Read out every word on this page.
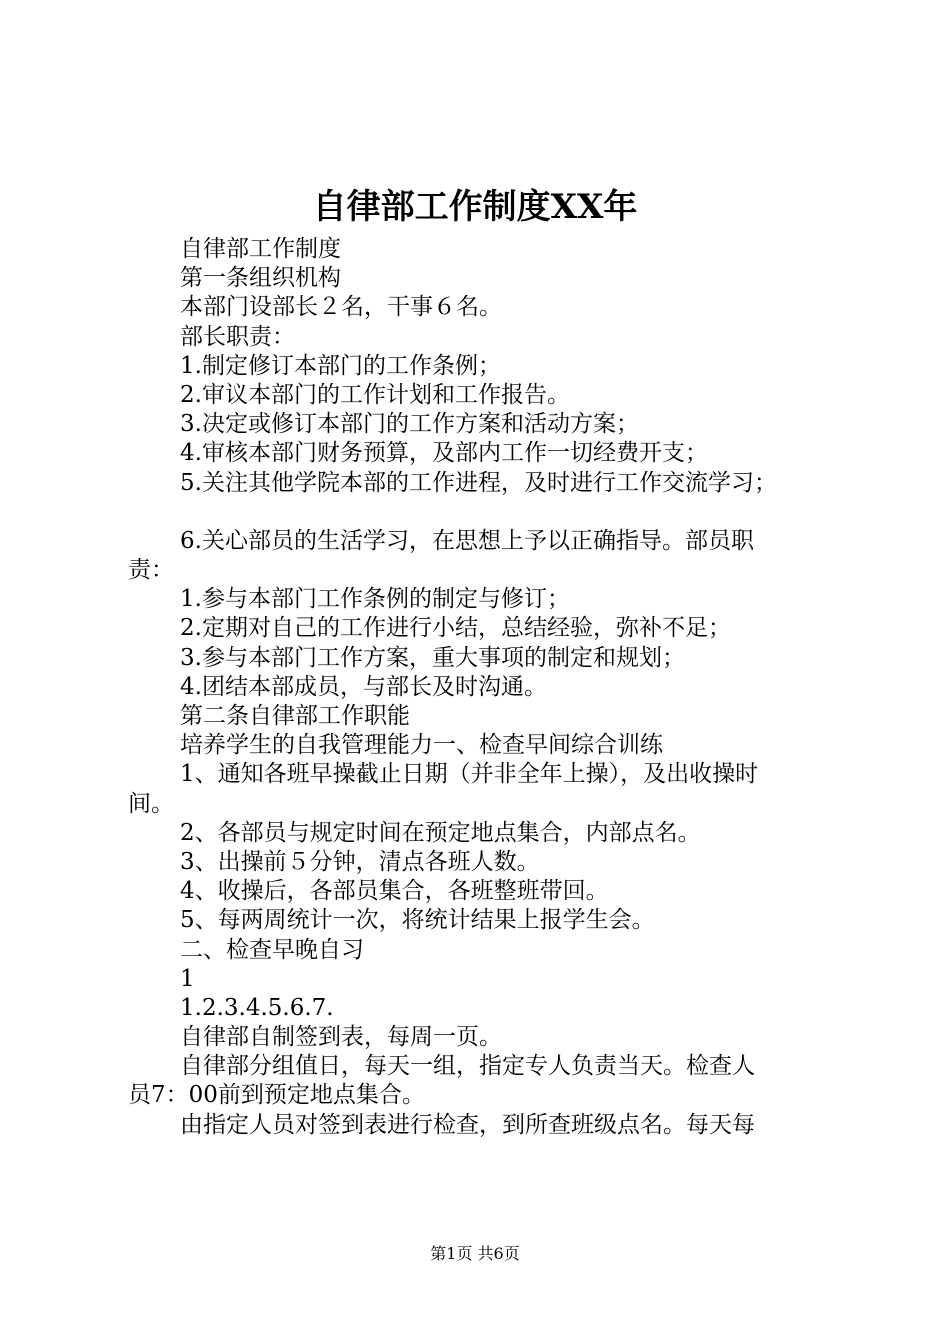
自律部工作制度XX年
自律部工作制度
第一条组织机构
本部门设部长２名，干事６名。
部长职责：
1.制定修订本部门的工作条例；
2.审议本部门的工作计划和工作报告。
3.决定或修订本部门的工作方案和活动方案；
4.审核本部门财务预算，及部内工作一切经费开支；
5.关注其他学院本部的工作进程，及时进行工作交流学习；
6.关心部员的生活学习，在思想上予以正确指导。部员职
责：
1.参与本部门工作条例的制定与修订；
2.定期对自己的工作进行小结，总结经验，弥补不足；
3.参与本部门工作方案，重大事项的制定和规划；
4.团结本部成员，与部长及时沟通。
第二条自律部工作职能
培养学生的自我管理能力一、检查早间综合训练
1、通知各班早操截止日期（并非全年上操），及出收操时
间。
2、各部员与规定时间在预定地点集合，内部点名。
3、出操前５分钟，清点各班人数。
4、收操后，各部员集合，各班整班带回。
5、每两周统计一次，将统计结果上报学生会。
二、检查早晚自习
1
1.2.3.4.5.6.7.
自律部自制签到表，每周一页。
自律部分组值日，每天一组，指定专人负责当天。检查人
员7：00前到预定地点集合。
由指定人员对签到表进行检查，到所查班级点名。每天每
第1页 共6页
